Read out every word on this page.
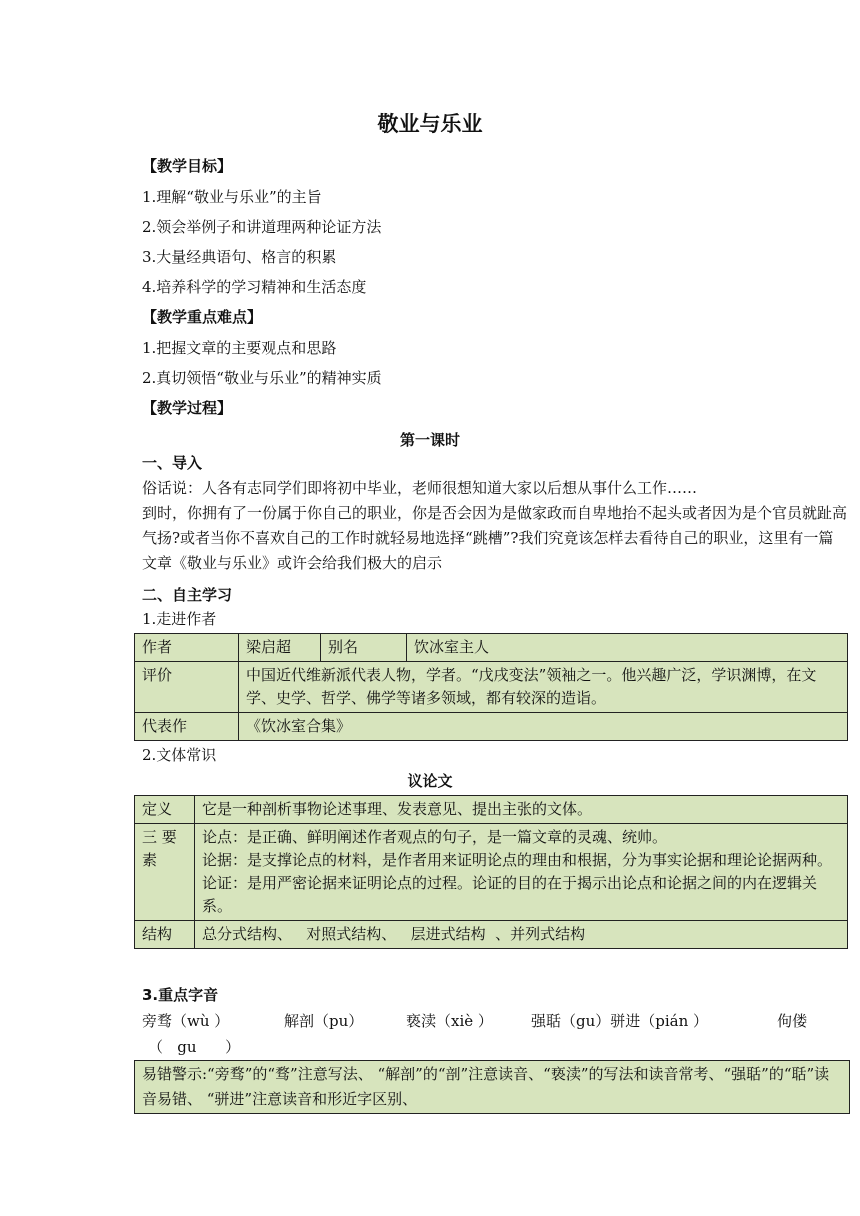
敬业与乐业
【教学目标】
1.理解“敬业与乐业”的主旨
2.领会举例子和讲道理两种论证方法
3.大量经典语句、格言的积累
4.培养科学的学习精神和生活态度
【教学重点难点】
1.把握文章的主要观点和思路
2.真切领悟“敬业与乐业”的精神实质
【教学过程】
第一课时
一、导入
俗话说：人各有志同学们即将初中毕业，老师很想知道大家以后想从事什么工作……
到时，你拥有了一份属于你自己的职业，你是否会因为是做家政而自卑地抬不起头或者因为是个官员就趾高气扬?或者当你不喜欢自己的工作时就轻易地选择“跳槽”?我们究竟该怎样去看待自己的职业，这里有一篇文章《敬业与乐业》或许会给我们极大的启示
二、自主学习
1.走进作者
作者	梁启超	别名	饮冰室主人
评价	中国近代维新派代表人物，学者。“戊戌变法”领袖之一。他兴趣广泛，学识渊博，在文学、史学、哲学、佛学等诸多领域，都有较深的造诣。		
代表作	《饮冰室合集》		
2.文体常识
议论文
定义	它是一种剖析事物论述事理、发表意见、提出主张的文体。
三 要 素	论点：是正确、鲜明阐述作者观点的句子，是一篇文章的灵魂、统帅。
论据：是支撑论点的材料，是作者用来证明论点的理由和根据，分为事实论据和理论论据两种。
论证：是用严密论据来证明论点的过程。论证的目的在于揭示出论点和论据之间的内在逻辑关系。

结构	总分式结构、   对照式结构、   层进式结构  、并列式结构
3.重点字音
旁骛（wù ）	解剖（pu）	亵渎（xiè ）	强聒（gu）骈进（pián ）	佝偻
（   gu      ）
易错警示:“旁骛”的“骛”注意写法、 “解剖”的“剖”注意读音、“亵渎”的写法和读音常考、“强聒”的“聒”读音易错、 “骈进”注意读音和形近字区别、
